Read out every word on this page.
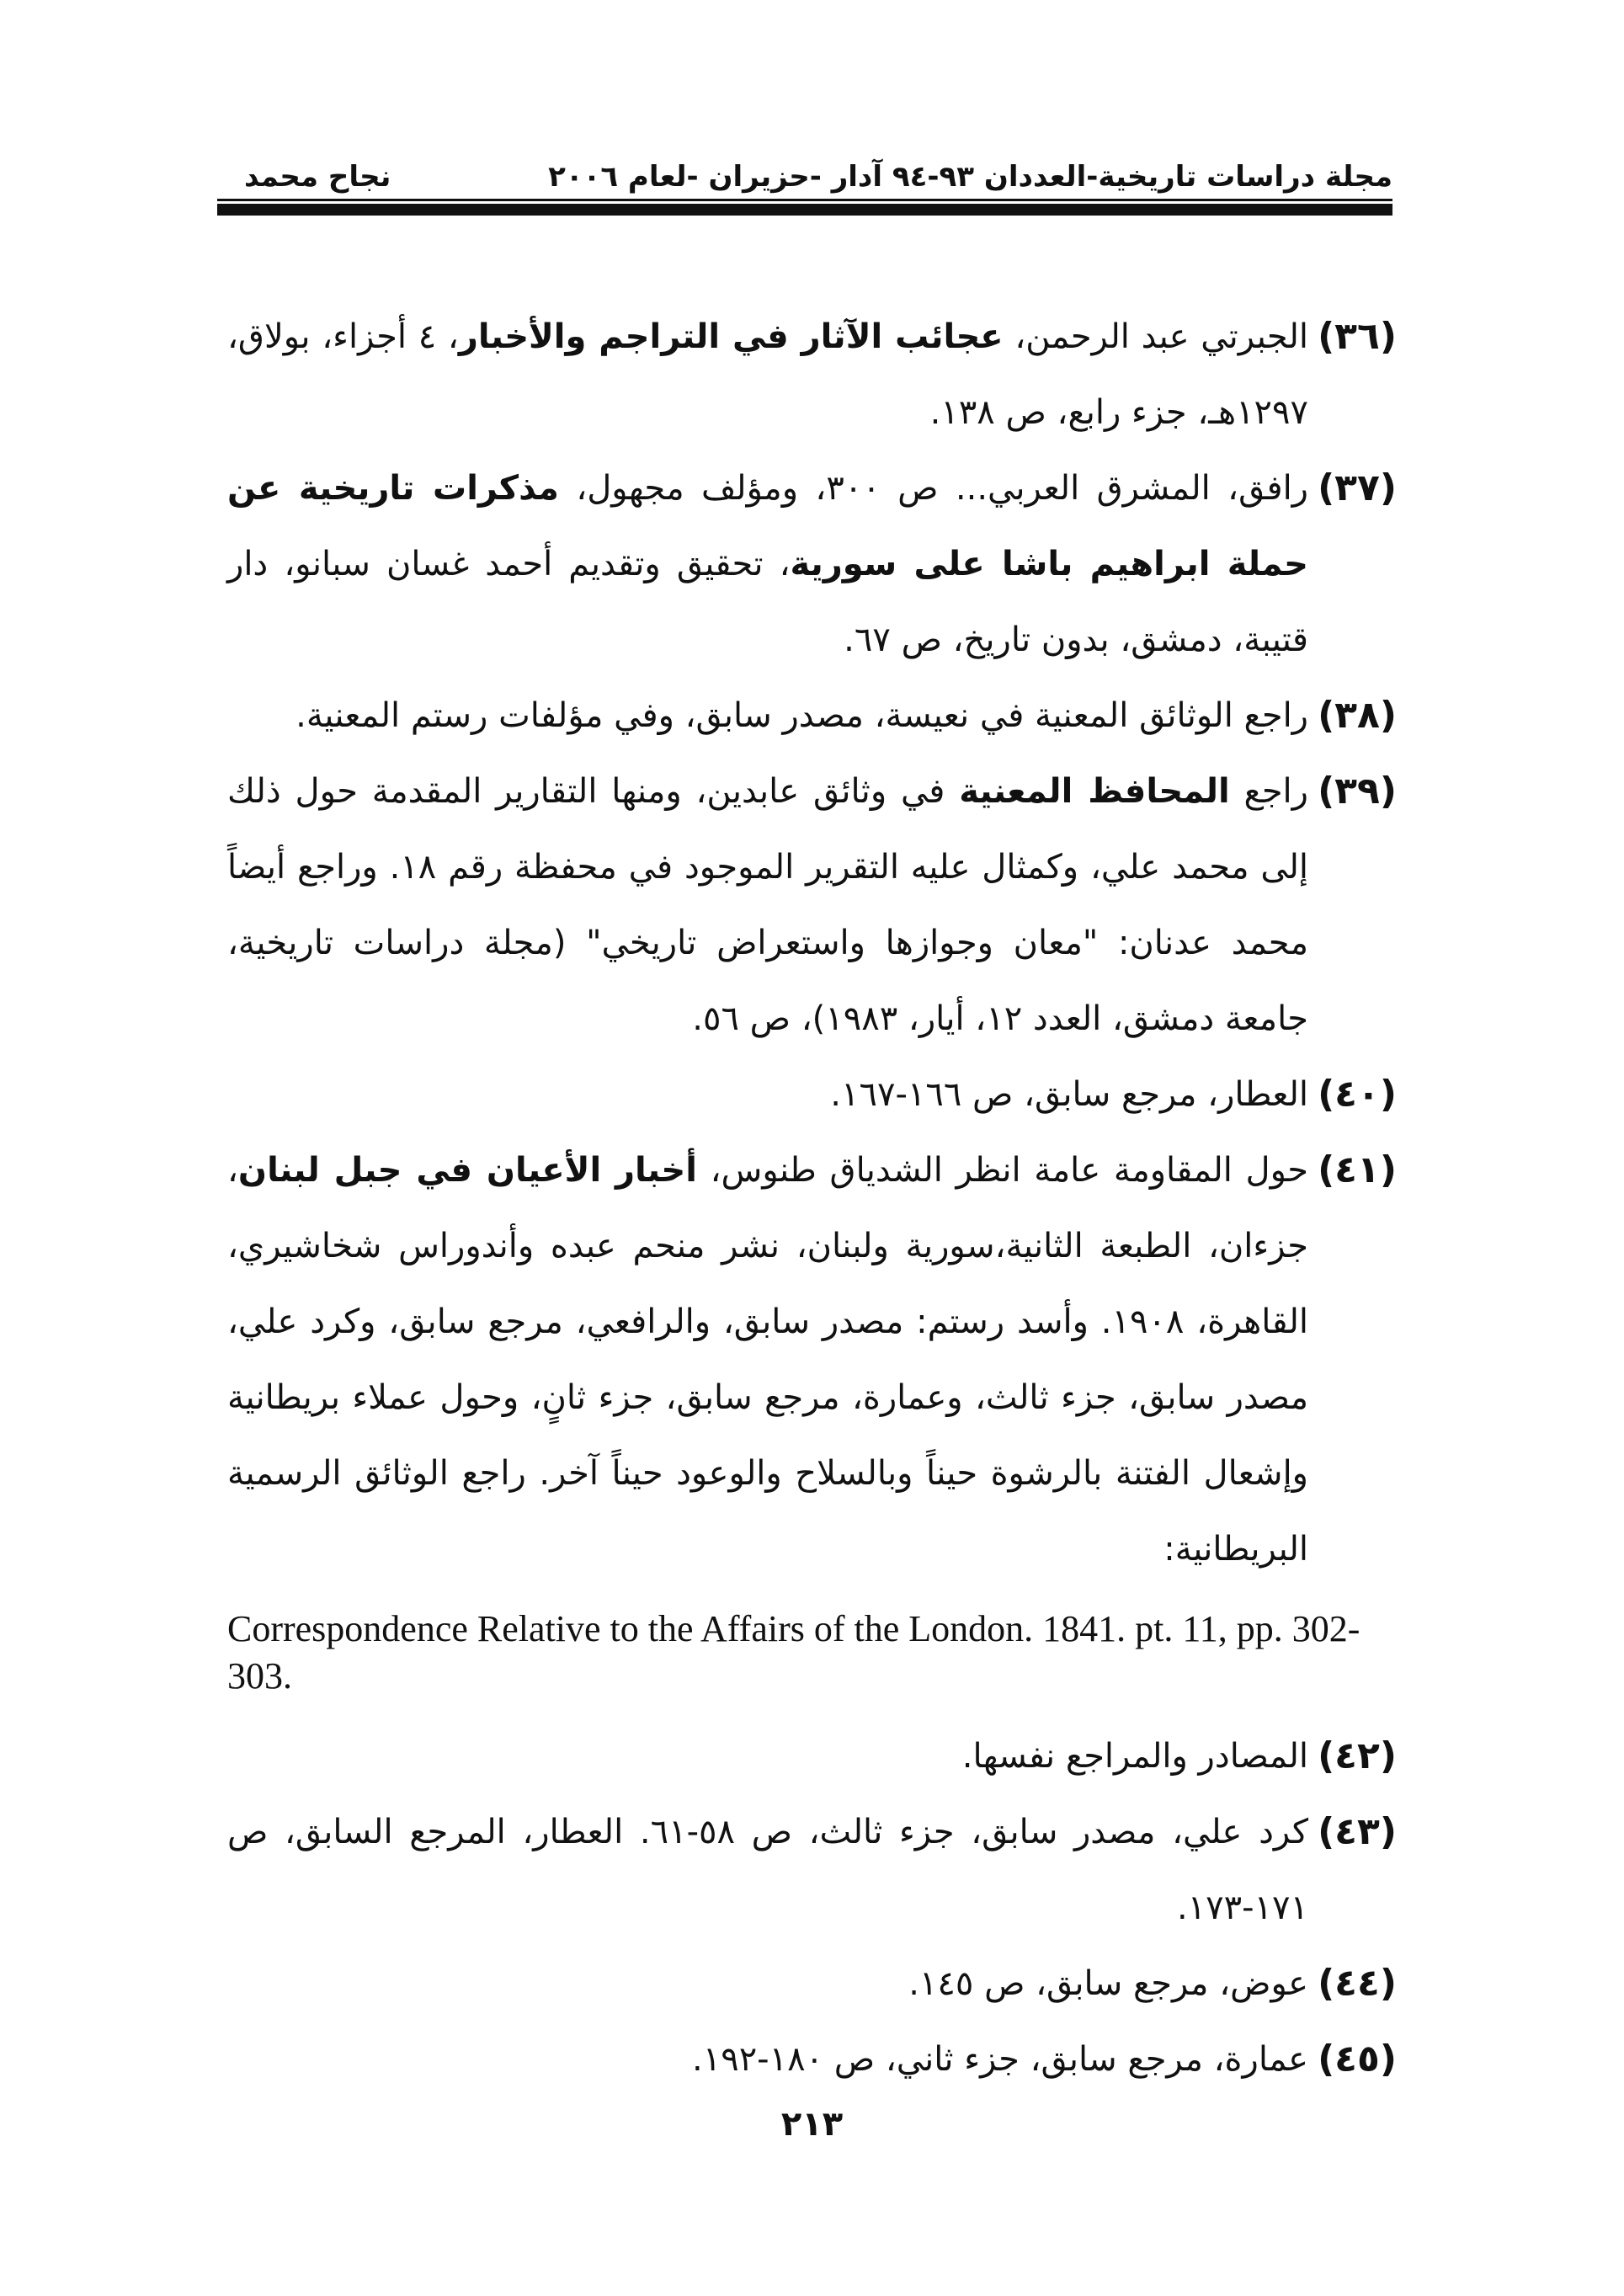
نجاح محمد	مجلة دراسات تاريخية-العددان ٩٣-٩٤ آدار -حزيران -لعام ٢٠٠٦
(٣٦)
الجبرتي عبد الرحمن، عجائب الآثار في التراجم والأخبار، ٤ أجزاء، بولاق، ١٢٩٧هـ، جزء رابع، ص ١٣٨.
(٣٧)
رافق، المشرق العربي... ص ٣٠٠، ومؤلف مجهول، مذكرات تاريخية عن حملة ابراهيم باشا على سورية، تحقيق وتقديم أحمد غسان سبانو، دار قتيبة، دمشق، بدون تاريخ، ص ٦٧.
(٣٨)
راجع الوثائق المعنية في نعيسة، مصدر سابق، وفي مؤلفات رستم المعنية.
(٣٩)
راجع المحافظ المعنية في وثائق عابدين، ومنها التقارير المقدمة حول ذلك إلى محمد علي، وكمثال عليه التقرير الموجود في محفظة رقم ١٨. وراجع أيضاً محمد عدنان: "معان وجوازها واستعراض تاريخي" (مجلة دراسات تاريخية، جامعة دمشق، العدد ١٢، أيار، ١٩٨٣)، ص ٥٦.
(٤٠)
العطار، مرجع سابق، ص ١٦٦-١٦٧.
(٤١)
حول المقاومة عامة انظر الشدياق طنوس، أخبار الأعيان في جبل لبنان، جزءان، الطبعة الثانية،سورية ولبنان، نشر منحم عبده وأندوراس شخاشيري، القاهرة، ١٩٠٨. وأسد رستم: مصدر سابق، والرافعي، مرجع سابق، وكرد علي، مصدر سابق، جزء ثالث، وعمارة، مرجع سابق، جزء ثانٍ، وحول عملاء بريطانية وإشعال الفتنة بالرشوة حيناً وبالسلاح والوعود حيناً آخر. راجع الوثائق الرسمية البريطانية:
Correspondence Relative to the Affairs of the London. 1841. pt. 11, pp. 302-303.
(٤٢)
المصادر والمراجع نفسها.
(٤٣)
كرد علي، مصدر سابق، جزء ثالث، ص ٥٨-٦١. العطار، المرجع السابق، ص ١٧١-١٧٣.
(٤٤)
عوض، مرجع سابق، ص ١٤٥.
(٤٥)
عمارة، مرجع سابق، جزء ثاني، ص ١٨٠-١٩٢.
٢١٣
